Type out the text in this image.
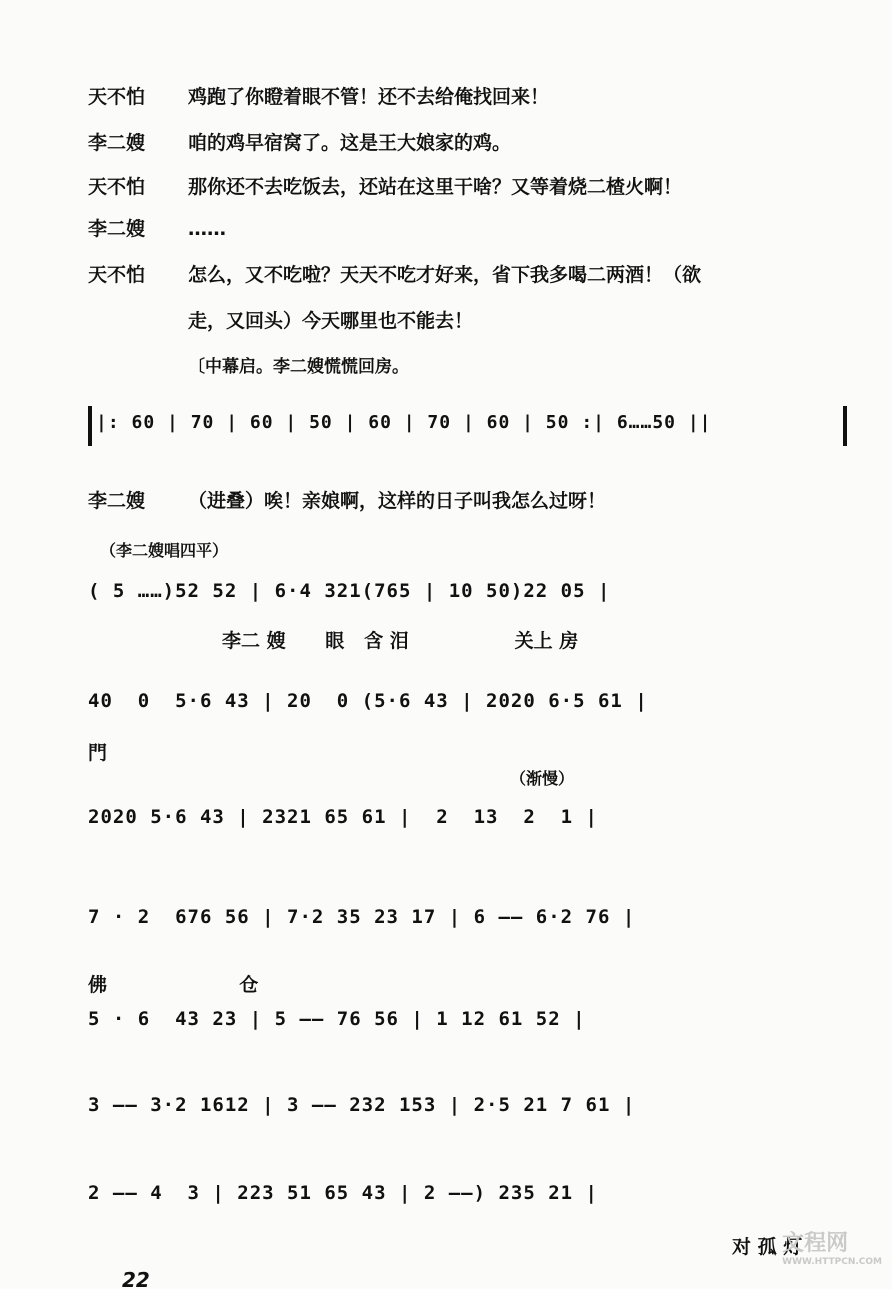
天不怕 鸡跑了你瞪着眼不管！还不去给俺找回来！
李二嫂 咱的鸡早宿窝了。这是王大娘家的鸡。
天不怕 那你还不去吃饭去，还站在这里干啥？又等着烧二楂火啊！
李二嫂 ……
天不怕 怎么，又不吃啦？天天不吃才好来，省下我多喝二两酒！（欲
走，又回头）今天哪里也不能去！
〔中幕启。李二嫂慌慌回房。

|: 60 | 70 | 60 | 50 | 60 | 70 | 60 | 50 :| 6……50 ||

李二嫂 （进叠）唉！亲娘啊，这样的日子叫我怎么过呀！
（李二嫂唱四平）

( 5 ……)52 52 | 6·4 321(765 | 10 50)22 05 |

李二 嫂      眼   含 泪                关上 房

40  0  5·6 43 | 20  0 (5·6 43 | 2020 6·5 61 |

門
（渐慢）

2020 5·6 43 | 2321 65 61 |  2  13  2  1 |

7 · 2  676 56 | 7·2 35 23 17 | 6 —— 6·2 76 |

佛                    仓

5 · 6  43 23 | 5 —— 76 56 | 1 12 61 52 |

3 —— 3·2 1612 | 3 —— 232 153 | 2·5 21 7 61 |

2 —— 4  3 | 223 51 65 43 | 2 ——) 235 21 |

对 孤 灯
22
文程网
WWW.HTTPCN.COM
